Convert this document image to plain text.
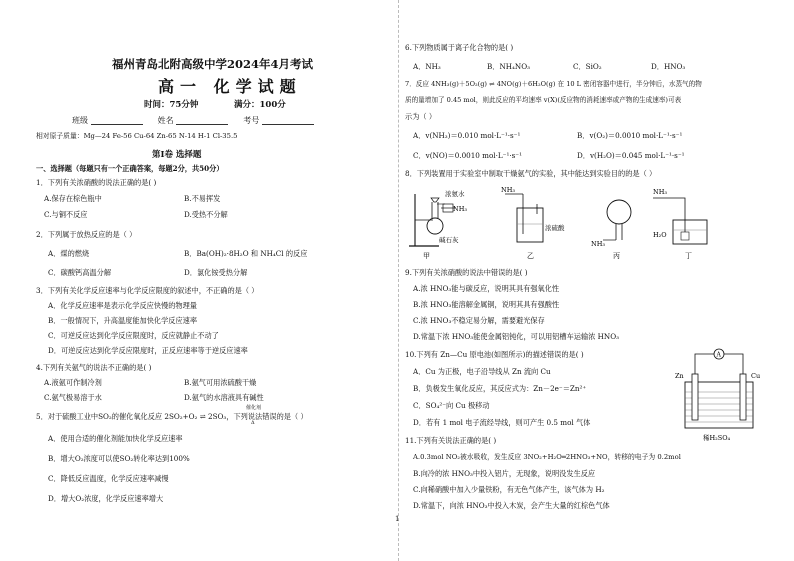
福州青岛北附高级中学2024年4月考试
高一 化学试题
时间：75分钟	满分：100分
班级	姓名	考号
相对原子质量：Mg—24 Fe-56 Cu-64 Zn-65 N-14 H-1 Cl-35.5
第Ⅰ卷 选择题
一、选择题（每题只有一个正确答案，每题2分，共50分）
1．下列有关浓硝酸的说法正确的是( )
A.保存在棕色瓶中	B.不易挥发
C.与铜不反应	D.受热不分解
2．下列属于放热反应的是（ ）
A．煤的燃烧	B．Ba(OH)₂·8H₂O 和 NH₄Cl 的反应
C．碳酸钙高温分解	D．氯化铵受热分解
3．下列有关化学反应速率与化学反应限度的叙述中，不正确的是（ ）
A．化学反应速率是表示化学反应快慢的物理量
B．一般情况下，升高温度能加快化学反应速率
C．可逆反应达到化学反应限度时，反应就静止不动了
D．可逆反应达到化学反应限度时，正反应速率等于逆反应速率
4.下列有关氨气的说法不正确的是( )
A.液氨可作制冷剂	B.氨气可用浓硫酸干燥
C.氨气极易溶于水	D.氨气的水溶液具有碱性
5．对于硫酸工业中SO₂的催化氧化反应 2SO₂+O₂ ⇌ 2SO₃，下列说法错误的是（ ）
催化剂
Δ
A．使用合适的催化剂能加快化学反应速率
B．增大O₂浓度可以使SO₂转化率达到100%
C．降低反应温度，化学反应速率减慢
D．增大O₂浓度，化学反应速率增大
6.下列物质属于离子化合物的是( )
A．NH₃	B．NH₄NO₃	C．SiO₂	D．HNO₃
7．反应 4NH₃(g)＋5O₂(g) ⇌ 4NO(g)＋6H₂O(g) 在 10 L 密闭容器中进行，半分钟后，水蒸气的物
质的量增加了 0.45 mol，则此反应的平均速率 v(X)(反应物的消耗速率或产物的生成速率)可表
示为（ ）
A．v(NH₃)＝0.010 mol·L⁻¹·s⁻¹	B．v(O₂)＝0.0010 mol·L⁻¹·s⁻¹
C．v(NO)＝0.0010 mol·L⁻¹·s⁻¹	D．v(H₂O)＝0.045 mol·L⁻¹·s⁻¹
8．下列装置用于实验室中制取干燥氨气的实验，其中能达到实验目的的是（ ）
浓氨水
NH₃
碱石灰
甲
NH₃
浓硫酸
乙
NH₃
丙
NH₃
H₂O
丁
9.下列有关浓硝酸的说法中错误的是( )
A.浓 HNO₃能与碳反应，说明其具有强氧化性
B.浓 HNO₃能溶解金属铜，说明其具有强酸性
C.浓 HNO₃不稳定易分解，需要避光保存
D.常温下浓 HNO₃能使金属铝钝化，可以用铝槽车运输浓 HNO₃
10.下列有 Zn—Cu 原电池(如图所示)的描述错误的是( )
A．Cu 为正极，电子沿导线从 Zn 流向 Cu
B．负极发生氧化反应，其反应式为：Zn－2e⁻＝Zn²⁺
C．SO₄²⁻向 Cu 极移动
D．若有 1 mol 电子流经导线，则可产生 0.5 mol 气体
A
Zn	Cu
稀H₂SO₄
11.下列有关说法正确的是( )
A.0.3mol NO₂被水吸收，发生反应 3NO₂+H₂O═2HNO₃+NO，转移的电子为 0.2mol
B.向冷的浓 HNO₃中投入铝片，无现象，说明没发生反应
C.向稀硝酸中加入少量铁粉，有无色气体产生，该气体为 H₂
D.常温下，向浓 HNO₃中投入木炭，会产生大量的红棕色气体
1
